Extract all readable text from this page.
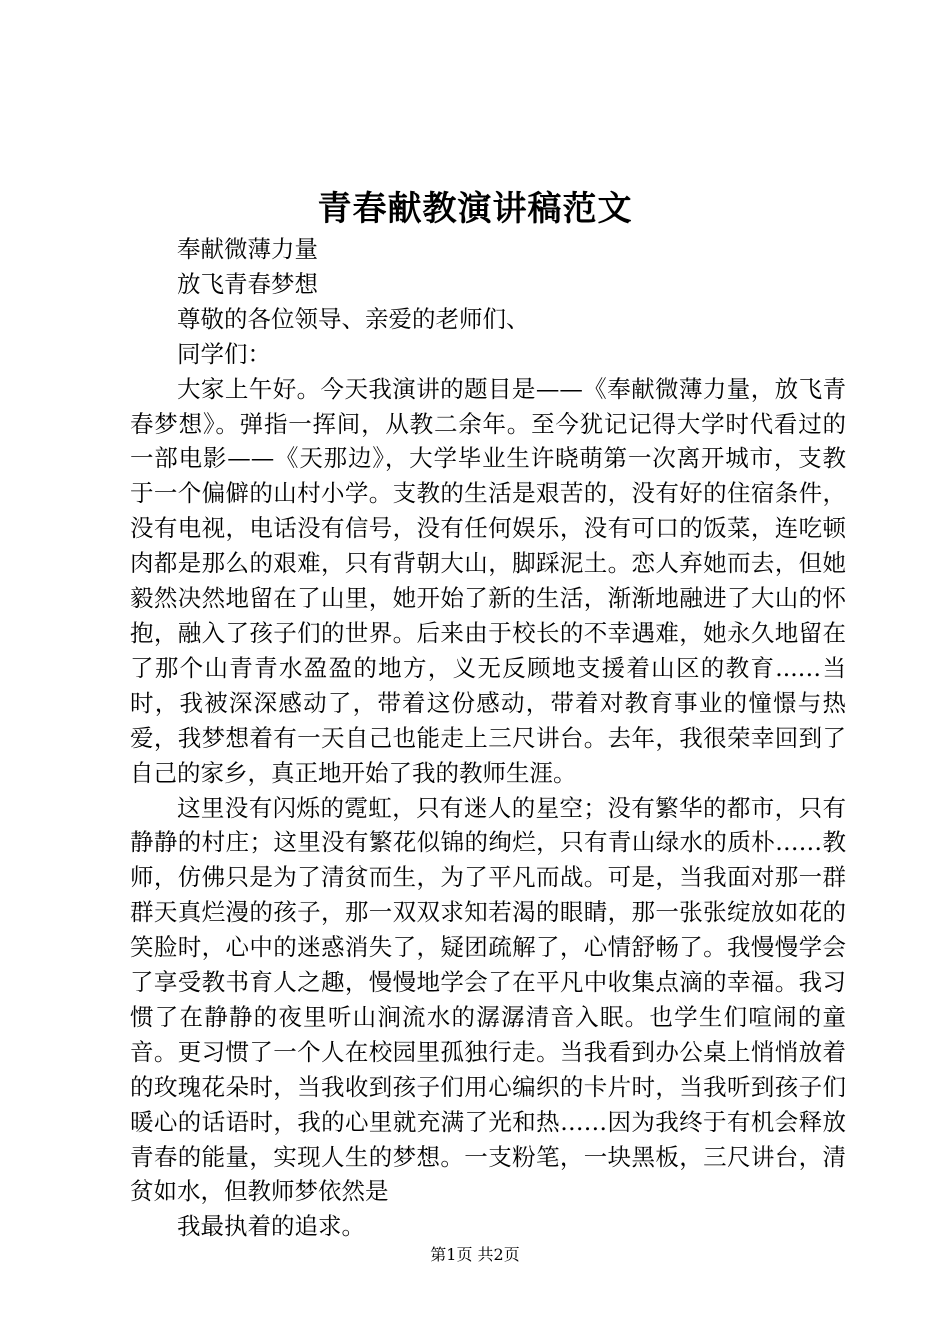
青春献教演讲稿范文

奉献微薄力量

放飞青春梦想

尊敬的各位领导、亲爱的老师们、

同学们：

大家上午好。今天我演讲的题目是——《奉献微薄力量，放飞青春梦想》。弹指一挥间，从教二余年。至今犹记记得大学时代看过的一部电影——《天那边》，大学毕业生许晓萌第一次离开城市，支教于一个偏僻的山村小学。支教的生活是艰苦的，没有好的住宿条件，没有电视，电话没有信号，没有任何娱乐，没有可口的饭菜，连吃顿肉都是那么的艰难，只有背朝大山，脚踩泥土。恋人弃她而去，但她毅然决然地留在了山里，她开始了新的生活，渐渐地融进了大山的怀抱，融入了孩子们的世界。后来由于校长的不幸遇难，她永久地留在了那个山青青水盈盈的地方，义无反顾地支援着山区的教育...…当时，我被深深感动了，带着这份感动，带着对教育事业的憧憬与热爱，我梦想着有一天自己也能走上三尺讲台。去年，我很荣幸回到了自己的家乡，真正地开始了我的教师生涯。

这里没有闪烁的霓虹，只有迷人的星空；没有繁华的都市，只有静静的村庄；这里没有繁花似锦的绚烂，只有青山绿水的质朴……教师，仿佛只是为了清贫而生，为了平凡而战。可是，当我面对那一群群天真烂漫的孩子，那一双双求知若渴的眼睛，那一张张绽放如花的笑脸时，心中的迷惑消失了，疑团疏解了，心情舒畅了。我慢慢学会了享受教书育人之趣，慢慢地学会了在平凡中收集点滴的幸福。我习惯了在静静的夜里听山涧流水的潺潺清音入眠。也学生们喧闹的童音。更习惯了一个人在校园里孤独行走。当我看到办公桌上悄悄放着的玫瑰花朵时，当我收到孩子们用心编织的卡片时，当我听到孩子们暖心的话语时，我的心里就充满了光和热……因为我终于有机会释放青春的能量，实现人生的梦想。一支粉笔，一块黑板，三尺讲台，清贫如水，但教师梦依然是

我最执着的追求。

第1页 共2页
